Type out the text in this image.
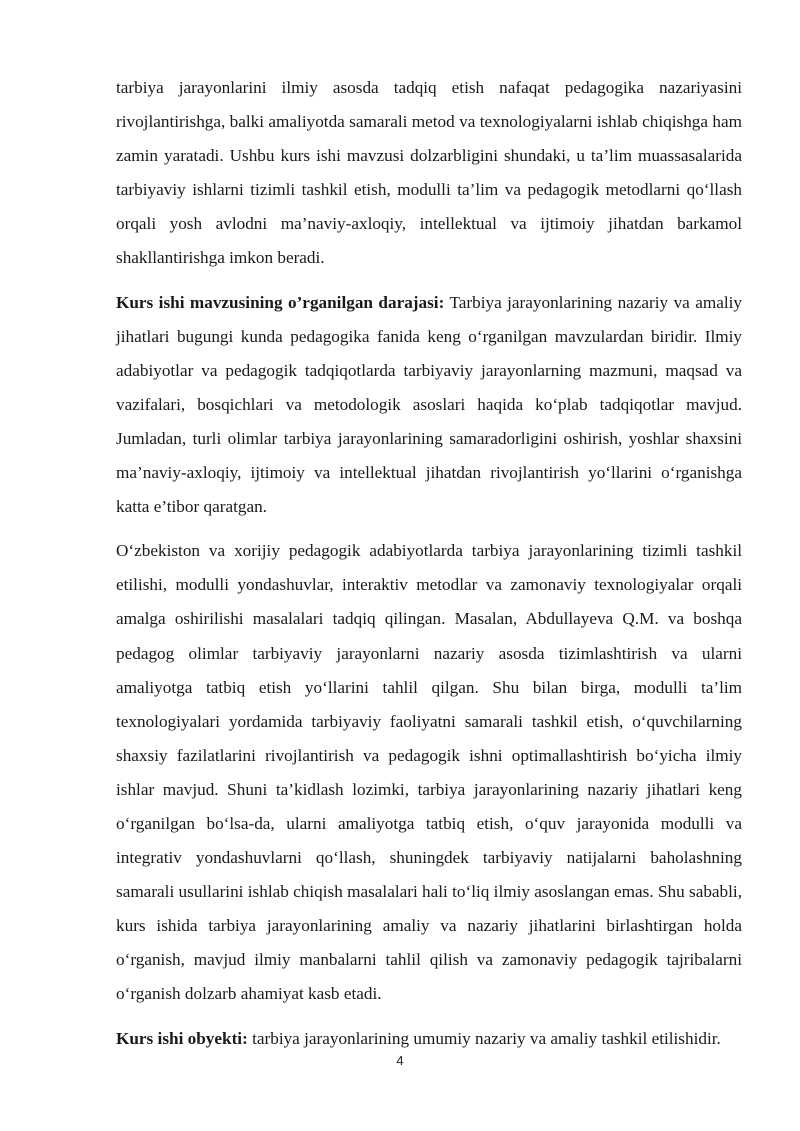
tarbiya jarayonlarini ilmiy asosda tadqiq etish nafaqat pedagogika nazariyasini rivojlantirishga, balki amaliyotda samarali metod va texnologiyalarni ishlab chiqishga ham zamin yaratadi. Ushbu kurs ishi mavzusi dolzarbligini shundaki, u ta’lim muassasalarida tarbiyaviy ishlarni tizimli tashkil etish, modulli ta’lim va pedagogik metodlarni qo‘llash orqali yosh avlodni ma’naviy-axloqiy, intellektual va ijtimoiy jihatdan barkamol shakllantirishga imkon beradi.

Kurs ishi mavzusining o’rganilgan darajasi: Tarbiya jarayonlarining nazariy va amaliy jihatlari bugungi kunda pedagogika fanida keng o‘rganilgan mavzulardan biridir. Ilmiy adabiyotlar va pedagogik tadqiqotlarda tarbiyaviy jarayonlarning mazmuni, maqsad va vazifalari, bosqichlari va metodologik asoslari haqida ko‘plab tadqiqotlar mavjud. Jumladan, turli olimlar tarbiya jarayonlarining samaradorligini oshirish, yoshlar shaxsini ma’naviy-axloqiy, ijtimoiy va intellektual jihatdan rivojlantirish yo‘llarini o‘rganishga katta e’tibor qaratgan.

O‘zbekiston va xorijiy pedagogik adabiyotlarda tarbiya jarayonlarining tizimli tashkil etilishi, modulli yondashuvlar, interaktiv metodlar va zamonaviy texnologiyalar orqali amalga oshirilishi masalalari tadqiq qilingan. Masalan, Abdullayeva Q.M. va boshqa pedagog olimlar tarbiyaviy jarayonlarni nazariy asosda tizimlashtirish va ularni amaliyotga tatbiq etish yo‘llarini tahlil qilgan. Shu bilan birga, modulli ta’lim texnologiyalari yordamida tarbiyaviy faoliyatni samarali tashkil etish, o‘quvchilarning shaxsiy fazilatlarini rivojlantirish va pedagogik ishni optimallashtirish bo‘yicha ilmiy ishlar mavjud. Shuni ta’kidlash lozimki, tarbiya jarayonlarining nazariy jihatlari keng o‘rganilgan bo‘lsa-da, ularni amaliyotga tatbiq etish, o‘quv jarayonida modulli va integrativ yondashuvlarni qo‘llash, shuningdek tarbiyaviy natijalarni baholashning samarali usullarini ishlab chiqish masalalari hali to‘liq ilmiy asoslangan emas. Shu sababli, kurs ishida tarbiya jarayonlarining amaliy va nazariy jihatlarini birlashtirgan holda o‘rganish, mavjud ilmiy manbalarni tahlil qilish va zamonaviy pedagogik tajribalarni o‘rganish dolzarb ahamiyat kasb etadi.

Kurs ishi obyekti: tarbiya jarayonlarining umumiy nazariy va amaliy tashkil etilishidir.

4
